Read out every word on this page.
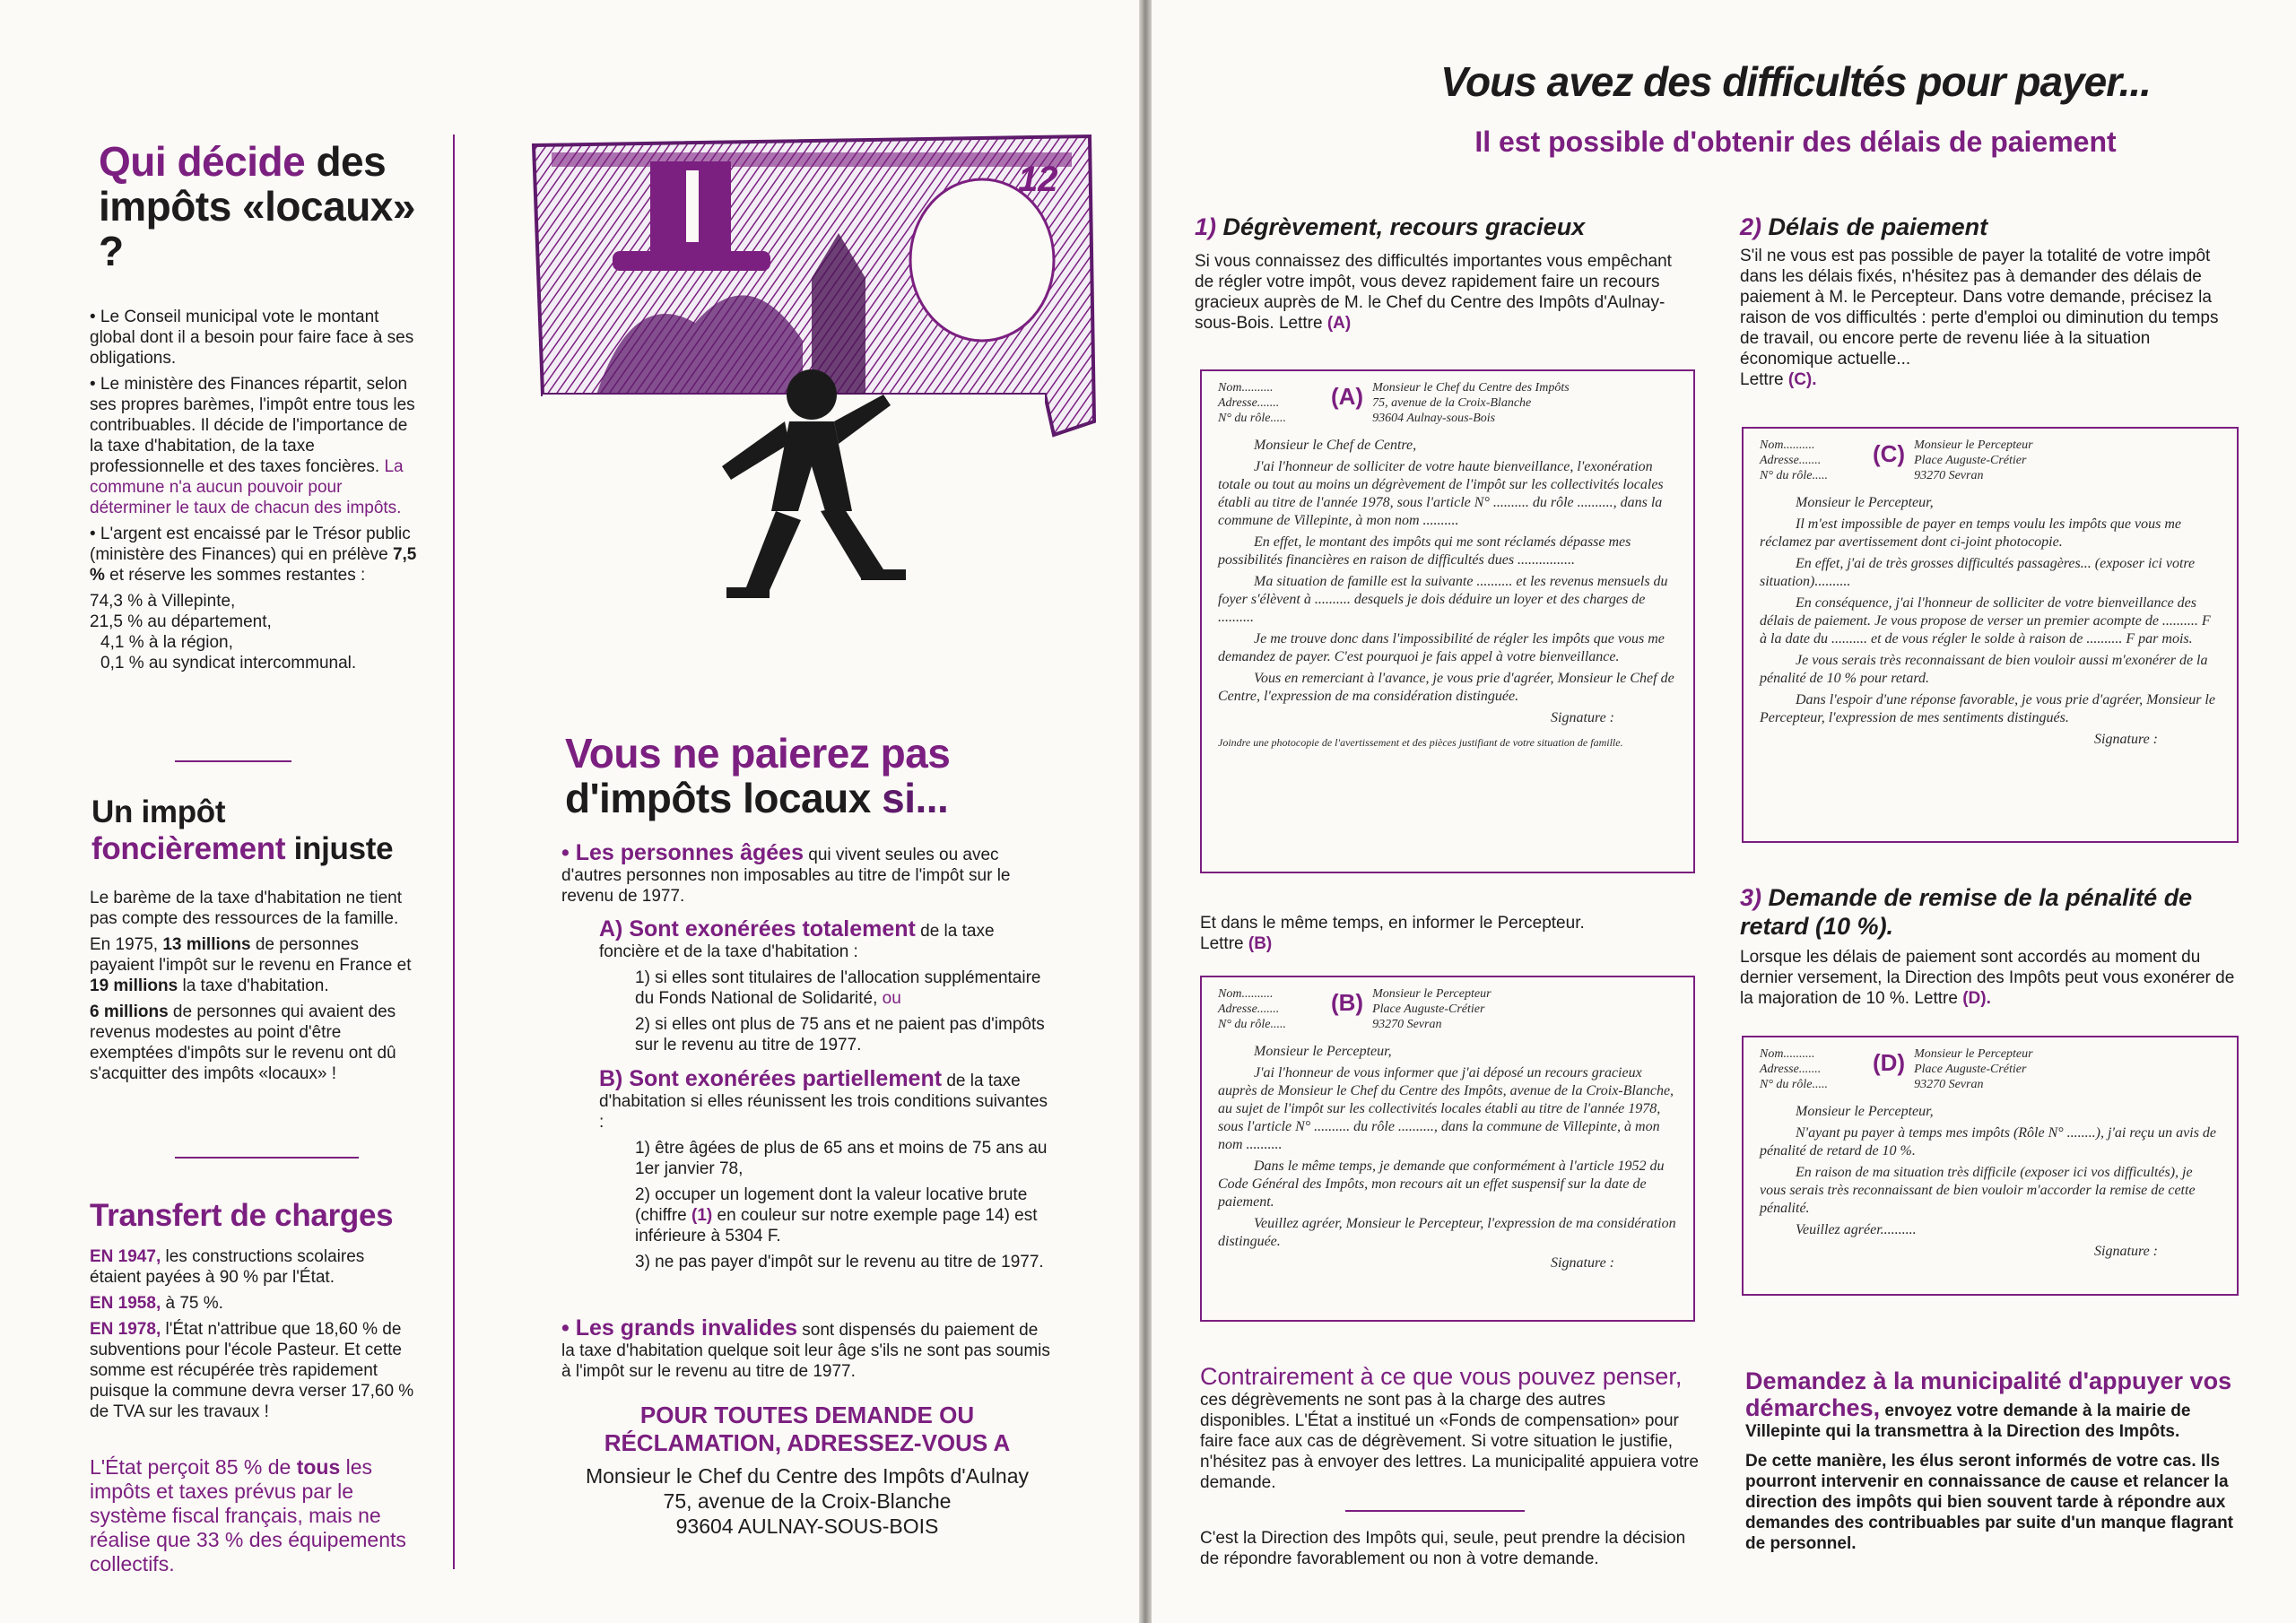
Qui décide des impôts «locaux» ?

• Le Conseil municipal vote le montant global dont il a besoin pour faire face à ses obligations.

• Le ministère des Finances répartit, selon ses propres barèmes, l'impôt entre tous les contribuables. Il décide de l'importance de la taxe d'habitation, de la taxe professionnelle et des taxes foncières. La commune n'a aucun pouvoir pour déterminer le taux de chacun des impôts.

• L'argent est encaissé par le Trésor public (ministère des Finances) qui en prélève 7,5 % et réserve les sommes restantes :

74,3 % à Villepinte,
21,5 % au département,
4,1 % à la région,
0,1 % au syndicat intercommunal.
Un impôt
foncièrement injuste

Le barème de la taxe d'habitation ne tient pas compte des ressources de la famille.

En 1975, 13 millions de personnes payaient l'impôt sur le revenu en France et 19 millions la taxe d'habitation.

6 millions de personnes qui avaient des revenus modestes au point d'être exemptées d'impôts sur le revenu ont dû s'acquitter des impôts «locaux» !

Transfert de charges

EN 1947, les constructions scolaires étaient payées à 90 % par l'État.

EN 1958, à 75 %.

EN 1978, l'État n'attribue que 18,60 % de subventions pour l'école Pasteur. Et cette somme est récupérée très rapidement puisque la commune devra verser 17,60 % de TVA sur les travaux !

L'État perçoit 85 % de tous les impôts et taxes prévus par le système fiscal français, mais ne réalise que 33 % des équipements collectifs.
12
Vous ne paierez pas
d'impôts locaux si...
• Les personnes âgées qui vivent seules ou avec d'autres personnes non imposables au titre de l'impôt sur le revenu de 1977.
A) Sont exonérées totalement de la taxe foncière et de la taxe d'habitation :

1) si elles sont titulaires de l'allocation supplémentaire du Fonds National de Solidarité, ou

2) si elles ont plus de 75 ans et ne paient pas d'impôts sur le revenu au titre de 1977.

B) Sont exonérées partiellement de la taxe d'habitation si elles réunissent les trois conditions suivantes :

1) être âgées de plus de 65 ans et moins de 75 ans au 1er janvier 78,

2) occuper un logement dont la valeur locative brute (chiffre (1) en couleur sur notre exemple page 14) est inférieure à 5304 F.

3) ne pas payer d'impôt sur le revenu au titre de 1977.

• Les grands invalides sont dispensés du paiement de la taxe d'habitation quelque soit leur âge s'ils ne sont pas soumis à l'impôt sur le revenu au titre de 1977.
POUR TOUTES DEMANDE OU
RÉCLAMATION, ADRESSEZ-VOUS A
Monsieur le Chef du Centre des Impôts d'Aulnay
75, avenue de la Croix-Blanche
93604 AULNAY-SOUS-BOIS
Vous avez des difficultés pour payer...
Il est possible d'obtenir des délais de paiement
1) Dégrèvement, recours gracieux
Si vous connaissez des difficultés importantes vous empêchant de régler votre impôt, vous devez rapidement faire un recours gracieux auprès de M. le Chef du Centre des Impôts d'Aulnay-sous-Bois. Lettre (A)
Nom..........
Adresse.......
N° du rôle.....
(A) Monsieur le Chef du Centre des Impôts
75, avenue de la Croix-Blanche
93604 Aulnay-sous-Bois

Monsieur le Chef de Centre,

J'ai l'honneur de solliciter de votre haute bienveillance, l'exonération totale ou tout au moins un dégrèvement de l'impôt sur les collectivités locales établi au titre de l'année 1978, sous l'article N° .......... du rôle .........., dans la commune de Villepinte, à mon nom ..........

En effet, le montant des impôts qui me sont réclamés dépasse mes possibilités financières en raison de difficultés dues ................

Ma situation de famille est la suivante .......... et les revenus mensuels du foyer s'élèvent à .......... desquels je dois déduire un loyer et des charges de ..........

Je me trouve donc dans l'impossibilité de régler les impôts que vous me demandez de payer. C'est pourquoi je fais appel à votre bienveillance.

Vous en remerciant à l'avance, je vous prie d'agréer, Monsieur le Chef de Centre, l'expression de ma considération distinguée.

Signature :
Joindre une photocopie de l'avertissement et des pièces justifiant de votre situation de famille.
Et dans le même temps, en informer le Percepteur.
Lettre (B)
Nom..........
Adresse.......
N° du rôle.....
(B) Monsieur le Percepteur
Place Auguste-Crétier
93270 Sevran

Monsieur le Percepteur,

J'ai l'honneur de vous informer que j'ai déposé un recours gracieux auprès de Monsieur le Chef du Centre des Impôts, avenue de la Croix-Blanche, au sujet de l'impôt sur les collectivités locales établi au titre de l'année 1978, sous l'article N° .......... du rôle .........., dans la commune de Villepinte, à mon nom ..........

Dans le même temps, je demande que conformément à l'article 1952 du Code Général des Impôts, mon recours ait un effet suspensif sur la date de paiement.

Veuillez agréer, Monsieur le Percepteur, l'expression de ma considération distinguée.

Signature :
Contrairement à ce que vous pouvez penser,
ces dégrèvements ne sont pas à la charge des autres disponibles. L'État a institué un «Fonds de compensation» pour faire face aux cas de dégrèvement. Si votre situation le justifie, n'hésitez pas à envoyer des lettres. La municipalité appuiera votre demande.
C'est la Direction des Impôts qui, seule, peut prendre la décision de répondre favorablement ou non à votre demande.
2) Délais de paiement
S'il ne vous est pas possible de payer la totalité de votre impôt dans les délais fixés, n'hésitez pas à demander des délais de paiement à M. le Percepteur. Dans votre demande, précisez la raison de vos difficultés : perte d'emploi ou diminution du temps de travail, ou encore perte de revenu liée à la situation économique actuelle...
Lettre (C).
Nom..........
Adresse.......
N° du rôle.....
(C) Monsieur le Percepteur
Place Auguste-Crétier
93270 Sevran

Monsieur le Percepteur,

Il m'est impossible de payer en temps voulu les impôts que vous me réclamez par avertissement dont ci-joint photocopie.

En effet, j'ai de très grosses difficultés passagères... (exposer ici votre situation)..........

En conséquence, j'ai l'honneur de solliciter de votre bienveillance des délais de paiement. Je vous propose de verser un premier acompte de .......... F à la date du .......... et de vous régler le solde à raison de .......... F par mois.

Je vous serais très reconnaissant de bien vouloir aussi m'exonérer de la pénalité de 10 % pour retard.

Dans l'espoir d'une réponse favorable, je vous prie d'agréer, Monsieur le Percepteur, l'expression de mes sentiments distingués.

Signature :
3) Demande de remise de la pénalité de retard (10 %).
Lorsque les délais de paiement sont accordés au moment du dernier versement, la Direction des Impôts peut vous exonérer de la majoration de 10 %. Lettre (D).
Nom..........
Adresse.......
N° du rôle.....
(D) Monsieur le Percepteur
Place Auguste-Crétier
93270 Sevran

Monsieur le Percepteur,

N'ayant pu payer à temps mes impôts (Rôle N° ........), j'ai reçu un avis de pénalité de retard de 10 %.

En raison de ma situation très difficile (exposer ici vos difficultés), je vous serais très reconnaissant de bien vouloir m'accorder la remise de cette pénalité.

Veuillez agréer..........

Signature :

Demandez à la municipalité d'appuyer vos démarches, envoyez votre demande à la mairie de Villepinte qui la transmettra à la Direction des Impôts.

De cette manière, les élus seront informés de votre cas. Ils pourront intervenir en connaissance de cause et relancer la direction des impôts qui bien souvent tarde à répondre aux demandes des contribuables par suite d'un manque flagrant de personnel.
